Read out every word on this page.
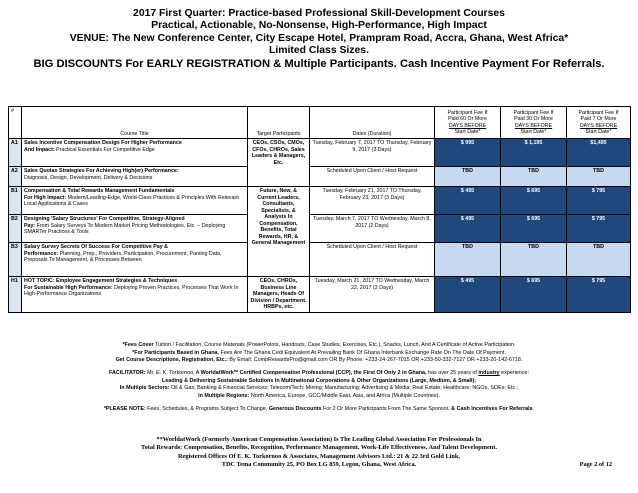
2017 First Quarter: Practice-based Professional Skill-Development Courses
Practical, Actionable, No-Nonsense, High-Performance, High Impact
VENUE: The New Conference Center, City Escape Hotel, Prampram Road, Accra, Ghana, West Africa*
Limited Class Sizes.
BIG DISCOUNTS For EARLY REGISTRATION & Multiple Participants. Cash Incentive Payment For Referrals.
#	Course Title	Target Participants	Dates (Duration)	Participant Fee If
Paid 60 Or More
DAYS BEFORE
Start Date*	Participant Fee If
Paid 30 Or More
DAYS BEFORE
Start Date*	Participant Fee If
Paid 7 Or More
DAYS BEFORE
Start Date*
A1	Sales Incentive Compensation Design For Higher Performance
And Impact: Practical Essentials For Competitive Edge	CEOs, CSOs, CMOs, CFOs, CHROs, Sales Leaders & Managers, Etc.	Tuesday, February 7, 2017 TO Thursday, February 9, 2017 (3 Days)	$ 995	$ 1,195	$1,495
A2	Sales Quotas Strategies For Achieving High(er) Performance:
Diagnosis, Design, Development, Delivery & Decisions		Scheduled Upon Client / Host Request	TBD	TBD	TBD
B1	Compensation & Total Rewards Management Fundamentals
For High Impact: Modern/Leading-Edge, World-Class Practices & Principles With Relevant Local Applications & Cases	Future, New, & Current Leaders, Consultants, Specialists, & Analysts In Compensation, Benefits, Total Rewards, HR, & General Management	Tuesday, February 21, 2017 TO Thursday, February 23, 2017 (3 Days)	$ 495	$ 695	$ 795
B2	Designing 'Salary Structures' For Competitive, Strategy-Aligned
Pay: From Salary Surveys To Modern Market Pricing Methodologies, Etc. – Deploying SMARTer Practices & Tools		Tuesday, March 7, 2017 TO Wednesday, March 8, 2017 (2 Days)	$ 495	$ 695	$ 795
B3	Salary Survey Secrets Of Success For Competitive Pay &
Performance: Planning, Prep., Providers, Participation, Procurement, Parsing Data, Proposals To Management, & Processes Between		Scheduled Upon Client / Host Request	TBD	TBD	TBD
H1	HOT TOPIC: Employee Engagement Strategies & Techniques
For Sustainable High Performance: Deploying Proven Practices, Processes That Work In High-Performance Organizations	CEOs, CHROs, Business Line Managers, Heads Of Division / Department, HRBPs, etc.	Tuesday, March 21, 2017 TO Wednesday, March 22, 2017 (2 Days)	$ 495	$ 695	$ 795
*Fees Cover Tuition / Facilitation, Course Materials (PowerPoints, Handouts, Case Studies, Exercises, Etc.), Snacks, Lunch, And A Certificate of Active Participation.
*For Participants Based in Ghana, Fees Are The Ghana Cedi Equivalent At Prevailing Bank Of Ghana Interbank Exchange Rate On The Date Of Payment.
Get Course Descriptions, Registration, Etc.: By Email: CompRewardsPro@gmail.com OR By Phone: +233-24-267-7015 OR +233-50-332-7127 OR +233-20-142-6718.
FACILITATOR: Mr. E. K. Torkornoo, A WorldatWork** Certified Compensation Professional (CCP), the First Of Only 2 in Ghana, has over 25 years of industry experience:
Leading & Delivering Sustainable Solutions In Multinational Corporations & Other Organizations (Large, Medium, & Small);
In Multiple Sectors: Oil & Gas; Banking & Financial Services; Telecom/Tech; Mining; Manufacturing; Advertising & Media; Real Estate; Healthcare; NGOs, SOEs; Etc.;
In Multiple Regions: North America, Europe, GCC/Middle East, Asia, and Africa (Multiple Countries).
*PLEASE NOTE: Fees, Schedules, & Programs Subject To Change. Generous Discounts For 2 Or More Participants From The Same Sponsor, & Cash Incentives For Referrals.
**WorldatWork (Formerly American Compensation Association) Is The Leading Global Association For Professionals In
Total Rewards: Compensation, Benefits, Recognition, Performance Management, Work-Life Effectiveness, And Talent Development.
Registered Offices Of E. K. Torkornoo & Associates, Management Advisors Ltd.: 21 & 22 3rd Gold Link,
TDC Tema Community 25, PO Box LG 859, Legon, Ghana, West Africa.	Page 2 of 12
